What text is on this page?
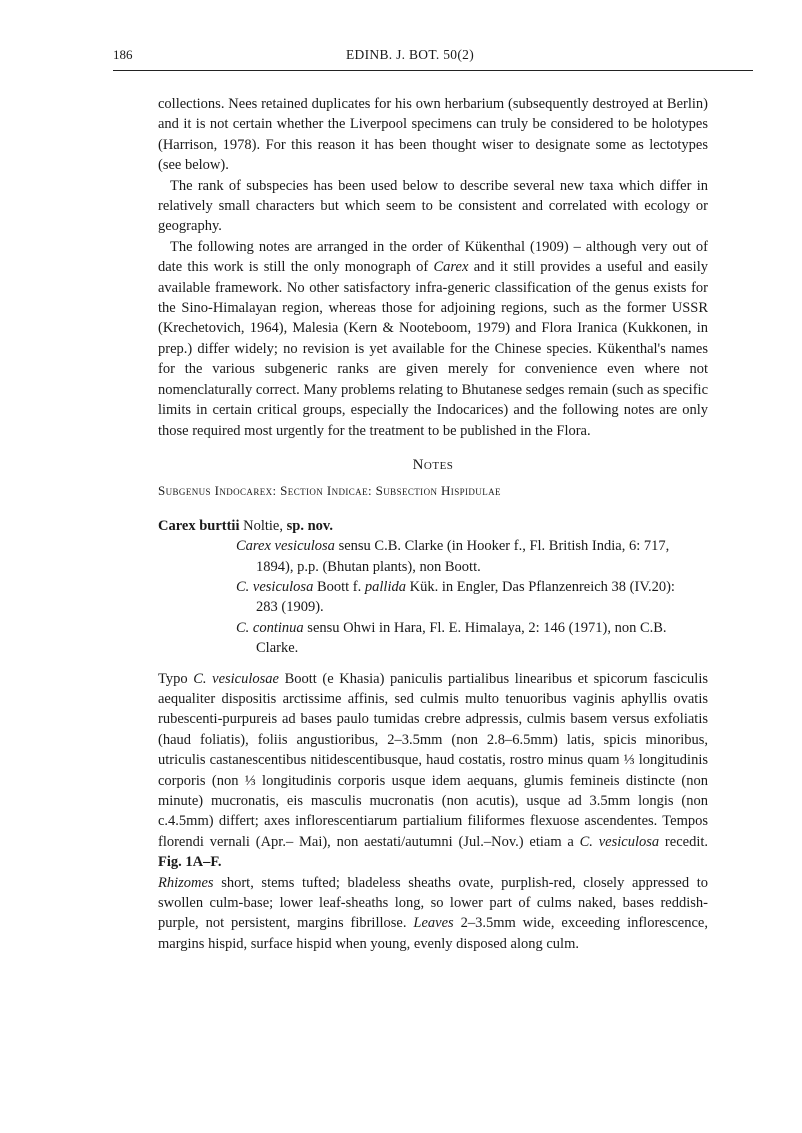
186	EDINB. J. BOT. 50(2)

collections. Nees retained duplicates for his own herbarium (subsequently destroyed at Berlin) and it is not certain whether the Liverpool specimens can truly be considered to be holotypes (Harrison, 1978). For this reason it has been thought wiser to designate some as lectotypes (see below).

The rank of subspecies has been used below to describe several new taxa which differ in relatively small characters but which seem to be consistent and correlated with ecology or geography.

The following notes are arranged in the order of Kükenthal (1909) – although very out of date this work is still the only monograph of Carex and it still provides a useful and easily available framework. No other satisfactory infra-generic classification of the genus exists for the Sino-Himalayan region, whereas those for adjoining regions, such as the former USSR (Krechetovich, 1964), Malesia (Kern & Nooteboom, 1979) and Flora Iranica (Kukkonen, in prep.) differ widely; no revision is yet available for the Chinese species. Kükenthal's names for the various subgeneric ranks are given merely for convenience even where not nomenclaturally correct. Many problems relating to Bhutanese sedges remain (such as specific limits in certain critical groups, especially the Indocarices) and the following notes are only those required most urgently for the treatment to be published in the Flora.

Notes
Subgenus Indocarex: Section Indicae: Subsection Hispidulae
Carex burttii Noltie, sp. nov.
Carex vesiculosa sensu C.B. Clarke (in Hooker f., Fl. British India, 6: 717, 1894), p.p. (Bhutan plants), non Boott.
C. vesiculosa Boott f. pallida Kük. in Engler, Das Pflanzenreich 38 (IV.20): 283 (1909).
C. continua sensu Ohwi in Hara, Fl. E. Himalaya, 2: 146 (1971), non C.B. Clarke.

Typo C. vesiculosae Boott (e Khasia) paniculis partialibus linearibus et spicorum fasciculis aequaliter dispositis arctissime affinis, sed culmis multo tenuoribus vaginis aphyllis ovatis rubescenti-purpureis ad bases paulo tumidas crebre adpressis, culmis basem versus exfoliatis (haud foliatis), foliis angustioribus, 2–3.5mm (non 2.8–6.5mm) latis, spicis minoribus, utriculis castanescentibus nitidescentibusque, haud costatis, rostro minus quam ⅓ longitudinis corporis (non ⅓ longitudinis corporis usque idem aequans, glumis femineis distincte (non minute) mucronatis, eis masculis mucronatis (non acutis), usque ad 3.5mm longis (non c.4.5mm) differt; axes inflorescentiarum partialium filiformes flexuose ascendentes. Tempos florendi vernali (Apr.– Mai), non aestati/autumni (Jul.–Nov.) etiam a C. vesiculosa recedit. Fig. 1A–F.

Rhizomes short, stems tufted; bladeless sheaths ovate, purplish-red, closely appressed to swollen culm-base; lower leaf-sheaths long, so lower part of culms naked, bases reddish-purple, not persistent, margins fibrillose. Leaves 2–3.5mm wide, exceeding inflorescence, margins hispid, surface hispid when young, evenly disposed along culm.
